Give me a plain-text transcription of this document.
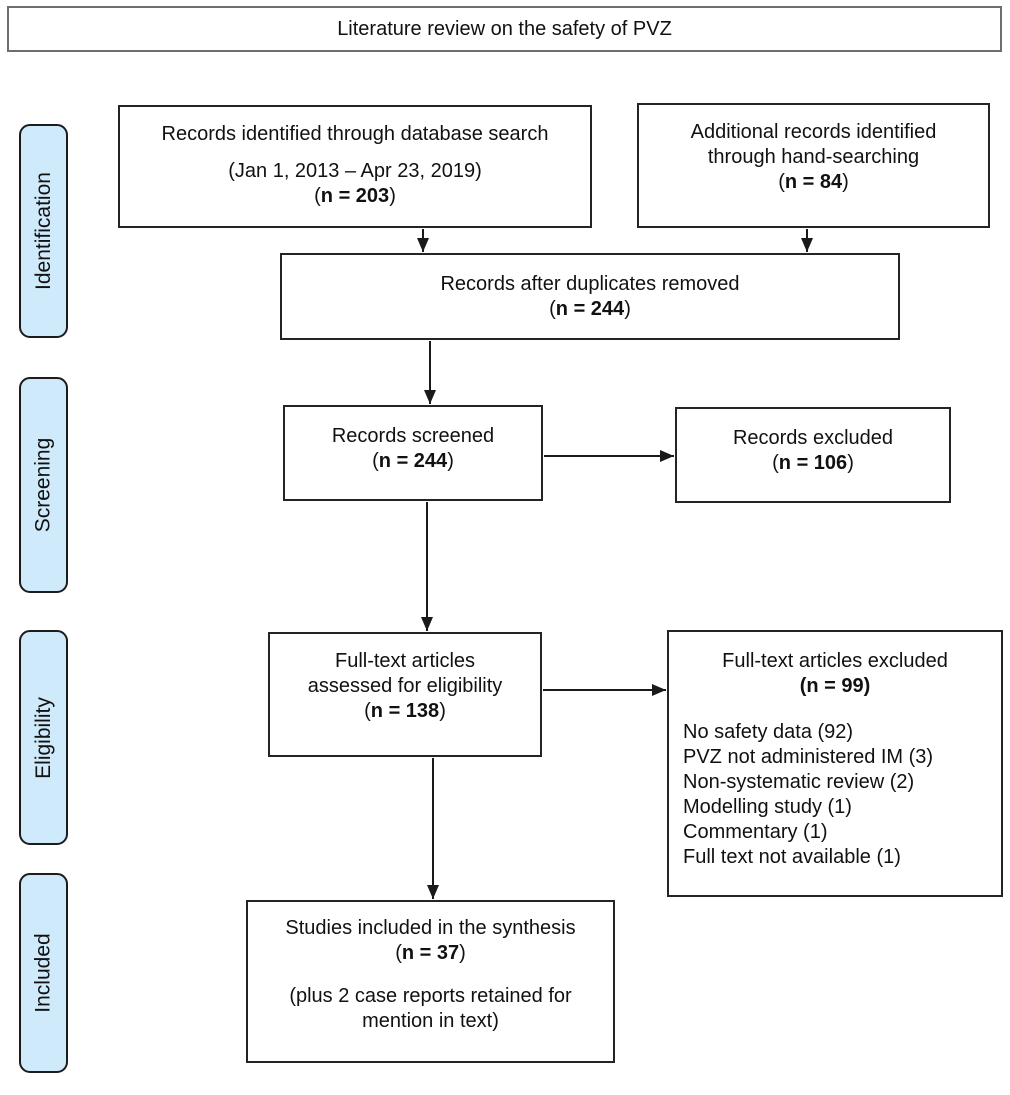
Literature review on the safety of PVZ
Identification
Screening
Eligibility
Included
Records identified through database search
(Jan 1, 2013 – Apr 23, 2019)
(n = 203)
Additional records identified
through hand-searching
(n = 84)
Records after duplicates removed
(n = 244)
Records screened
(n = 244)
Records excluded
(n = 106)
Full-text articles
assessed for eligibility
(n = 138)
Full-text articles excluded
(n = 99)
No safety data (92)
PVZ not administered IM (3)
Non-systematic review (2)
Modelling study (1)
Commentary (1)
Full text not available (1)
Studies included in the synthesis
(n = 37)
(plus 2 case reports retained for
mention in text)
